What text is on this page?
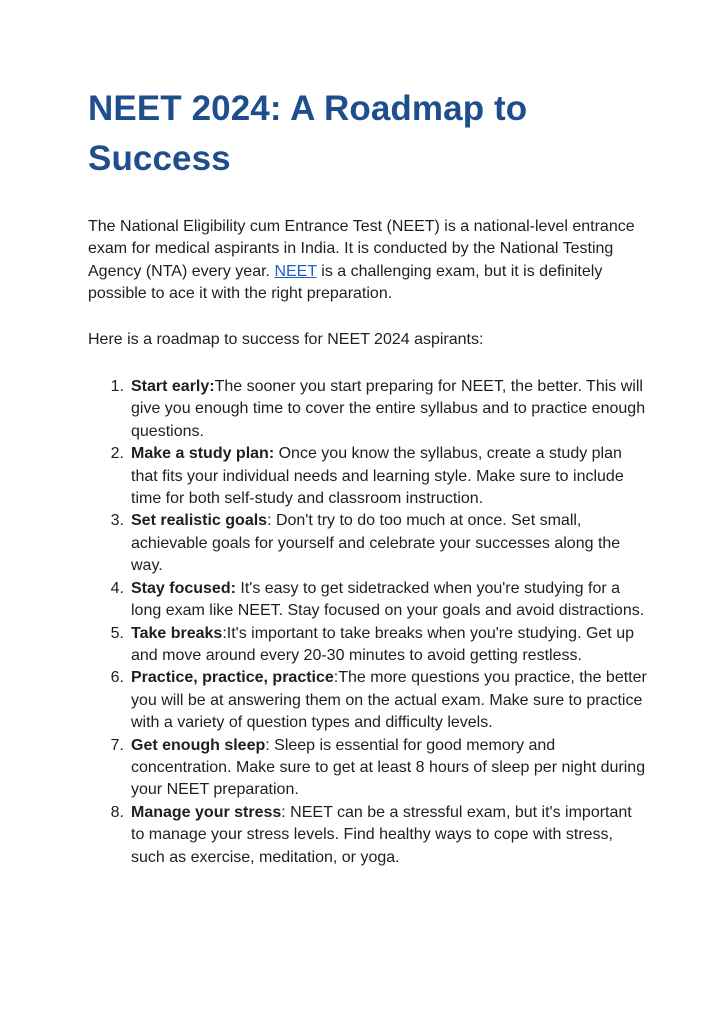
NEET 2024: A Roadmap to Success

The National Eligibility cum Entrance Test (NEET) is a national-level entrance exam for medical aspirants in India. It is conducted by the National Testing Agency (NTA) every year. NEET is a challenging exam, but it is definitely possible to ace it with the right preparation.

Here is a roadmap to success for NEET 2024 aspirants:

1. Start early:The sooner you start preparing for NEET, the better. This will give you enough time to cover the entire syllabus and to practice enough questions.
2. Make a study plan: Once you know the syllabus, create a study plan that fits your individual needs and learning style. Make sure to include time for both self-study and classroom instruction.
3. Set realistic goals: Don't try to do too much at once. Set small, achievable goals for yourself and celebrate your successes along the way.
4. Stay focused: It's easy to get sidetracked when you're studying for a long exam like NEET. Stay focused on your goals and avoid distractions.
5. Take breaks:It's important to take breaks when you're studying. Get up and move around every 20-30 minutes to avoid getting restless.
6. Practice, practice, practice:The more questions you practice, the better you will be at answering them on the actual exam. Make sure to practice with a variety of question types and difficulty levels.
7. Get enough sleep: Sleep is essential for good memory and concentration. Make sure to get at least 8 hours of sleep per night during your NEET preparation.
8. Manage your stress: NEET can be a stressful exam, but it's important to manage your stress levels. Find healthy ways to cope with stress, such as exercise, meditation, or yoga.
